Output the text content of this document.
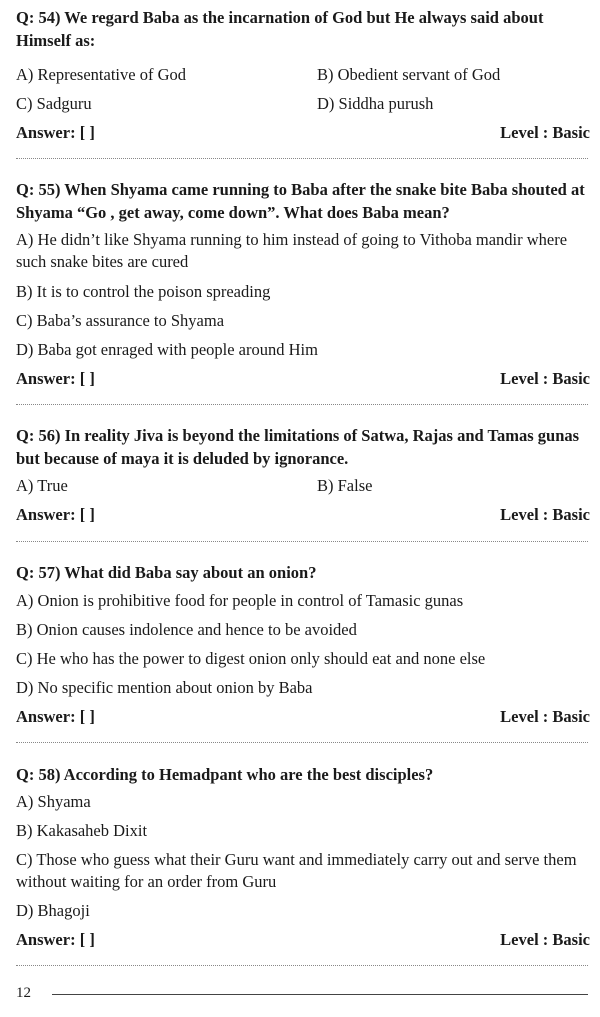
Q: 54) We regard Baba as the incarnation of God but He always said about Himself as:

A) Representative of God	B) Obedient servant of God
C) Sadguru	D) Siddha purush
Answer: [ ]	Level : Basic

Q: 55) When Shyama came running to Baba after the snake bite Baba shouted at Shyama “Go , get away, come down”. What does Baba mean?

A) He didn’t like Shyama running to him instead of going to Vithoba mandir where such snake bites are cured
B) It is to control the poison spreading
C) Baba’s assurance to Shyama
D) Baba got enraged with people around Him
Answer: [ ]	Level : Basic

Q: 56) In reality Jiva is beyond the limitations of Satwa, Rajas and Tamas gunas but because of maya it is deluded by ignorance.

A) True	B) False
Answer: [ ]	Level : Basic

Q: 57) What did Baba say about an onion?

A) Onion is prohibitive food for people in control of Tamasic gunas
B) Onion causes indolence and hence to be avoided
C) He who has the power to digest onion only should eat and none else
D) No specific mention about onion by Baba
Answer: [ ]	Level : Basic

Q: 58) According to Hemadpant who are the best disciples?

A) Shyama
B) Kakasaheb Dixit
C) Those who guess what their Guru want and immediately carry out and serve them without waiting for an order from Guru
D) Bhagoji
Answer: [ ]	Level : Basic
12
